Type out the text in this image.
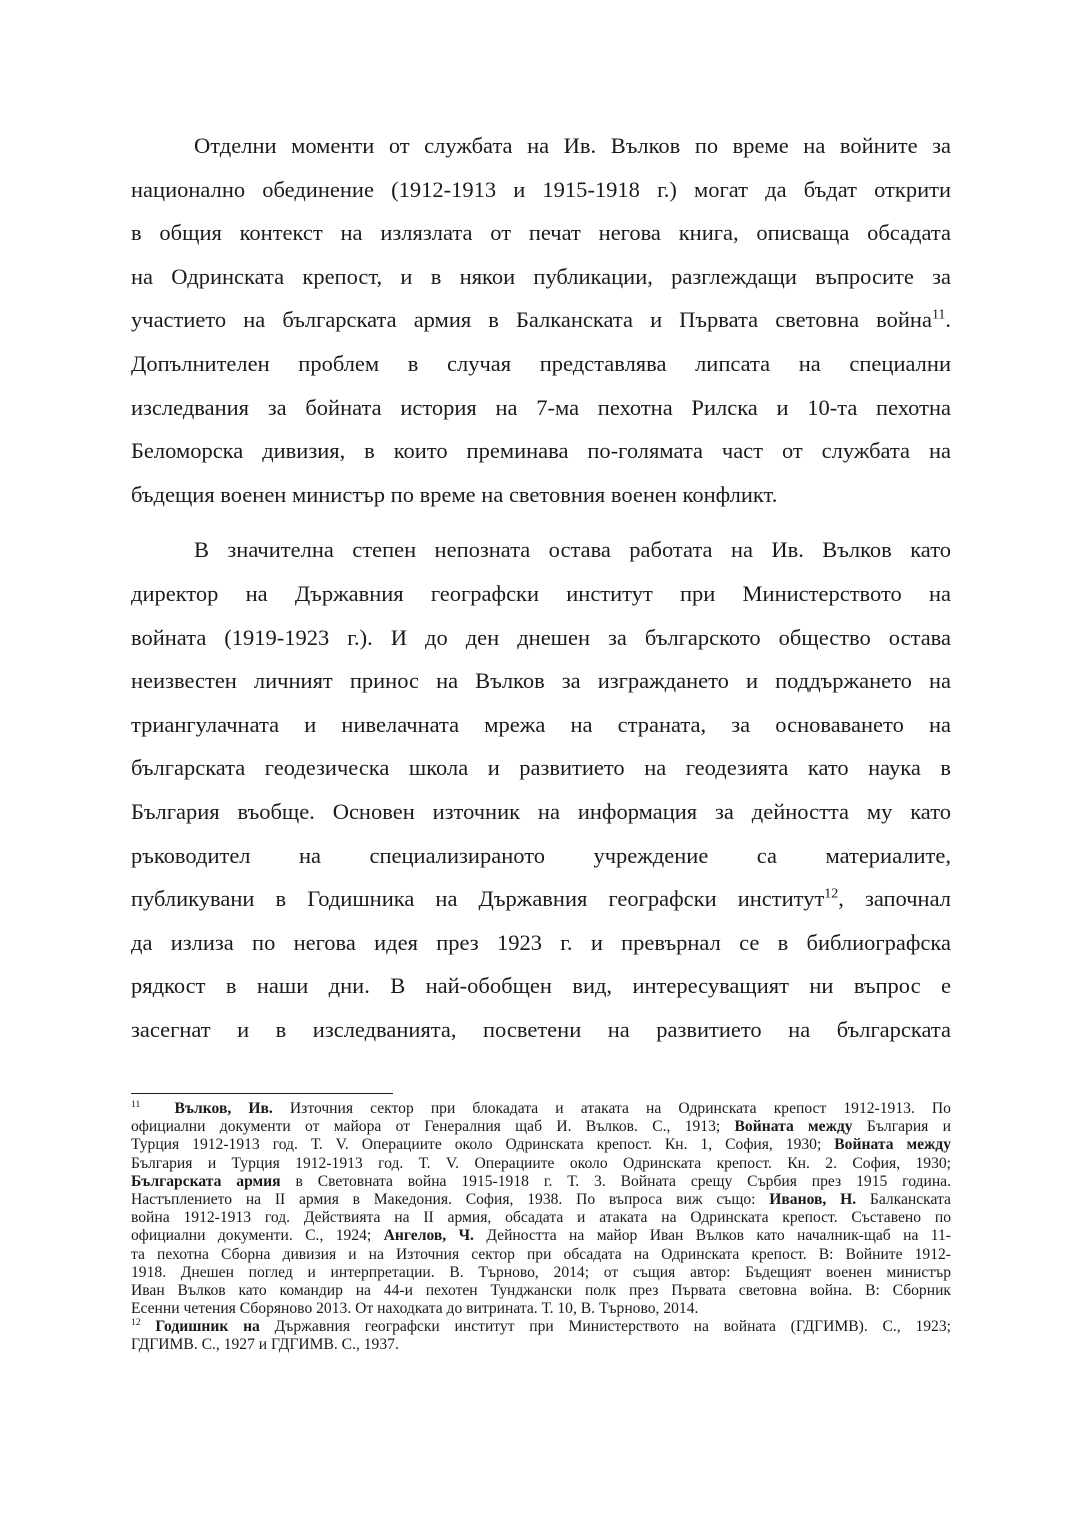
Отделни моменти от службата на Ив. Вълков по време на войните за
национално обединение (1912-1913 и 1915-1918 г.) могат да бъдат открити
в общия контекст на излязлата от печат негова книга, описваща обсадата
на Одринската крепост, и в някои публикации, разглеждащи въпросите за
участието на българската армия в Балканската и Първата световна война$^{11}$.
Допълнителен проблем в случая представлява липсата на специални
изследвания за бойната история на 7-ма пехотна Рилска и 10-та пехотна
Беломорска дивизия, в които преминава по-голямата част от службата на
бъдещия военен министър по време на световния военен конфликт.
В значителна степен непозната остава работата на Ив. Вълков като
директор на Държавния географски институт при Министерството на
войната (1919-1923 г.). И до ден днешен за българското общество остава
неизвестен личният принос на Вълков за изграждането и поддържането на
триангулачната и нивелачната мрежа на страната, за основаването на
българската геодезическа школа и развитието на геодезията като наука в
България въобще. Основен източник на информация за дейността му като
ръководител на специализираното учреждение са материалите,
публикувани в Годишника на Държавния географски институт$^{12}$, започнал
да излиза по негова идея през 1923 г. и превърнал се в библиографска
рядкост в наши дни. В най-обобщен вид, интересуващият ни въпрос е
засегнат и в изследванията, посветени на развитието на българската
$^{11}$ Вълков, Ив. Източния сектор при блокадата и атаката на Одринската крепост 1912-1913. По
официални документи от майора от Генералния щаб И. Вълков. С., 1913; Войната между България и
Турция 1912-1913 год. Т. V. Операциите около Одринската крепост. Кн. 1, София, 1930; Войната между
България и Турция 1912-1913 год. Т. V. Операциите около Одринската крепост. Кн. 2. София, 1930;
Българската армия в Световната война 1915-1918 г. Т. 3. Войната срещу Сърбия през 1915 година.
Настъплението на II армия в Македония. София, 1938. По въпроса виж също: Иванов, Н. Балканската
война 1912-1913 год. Действията на II армия, обсадата и атаката на Одринската крепост. Съставено по
официални документи. С., 1924; Ангелов, Ч. Дейността на майор Иван Вълков като началник-щаб на 11-
та пехотна Сборна дивизия и на Източния сектор при обсадата на Одринската крепост. В: Войните 1912-
1918. Днешен поглед и интерпретации. В. Търново, 2014; от същия автор: Бъдещият военен министър
Иван Вълков като командир на 44-и пехотен Тунджански полк през Първата световна война. В: Сборник
Есенни четения Сборяново 2013. От находката до витрината. Т. 10, В. Търново, 2014.
$^{12}$ Годишник на Държавния географски институт при Министерството на войната (ГДГИМВ). С., 1923;
ГДГИМВ. С., 1927 и ГДГИМВ. С., 1937.
